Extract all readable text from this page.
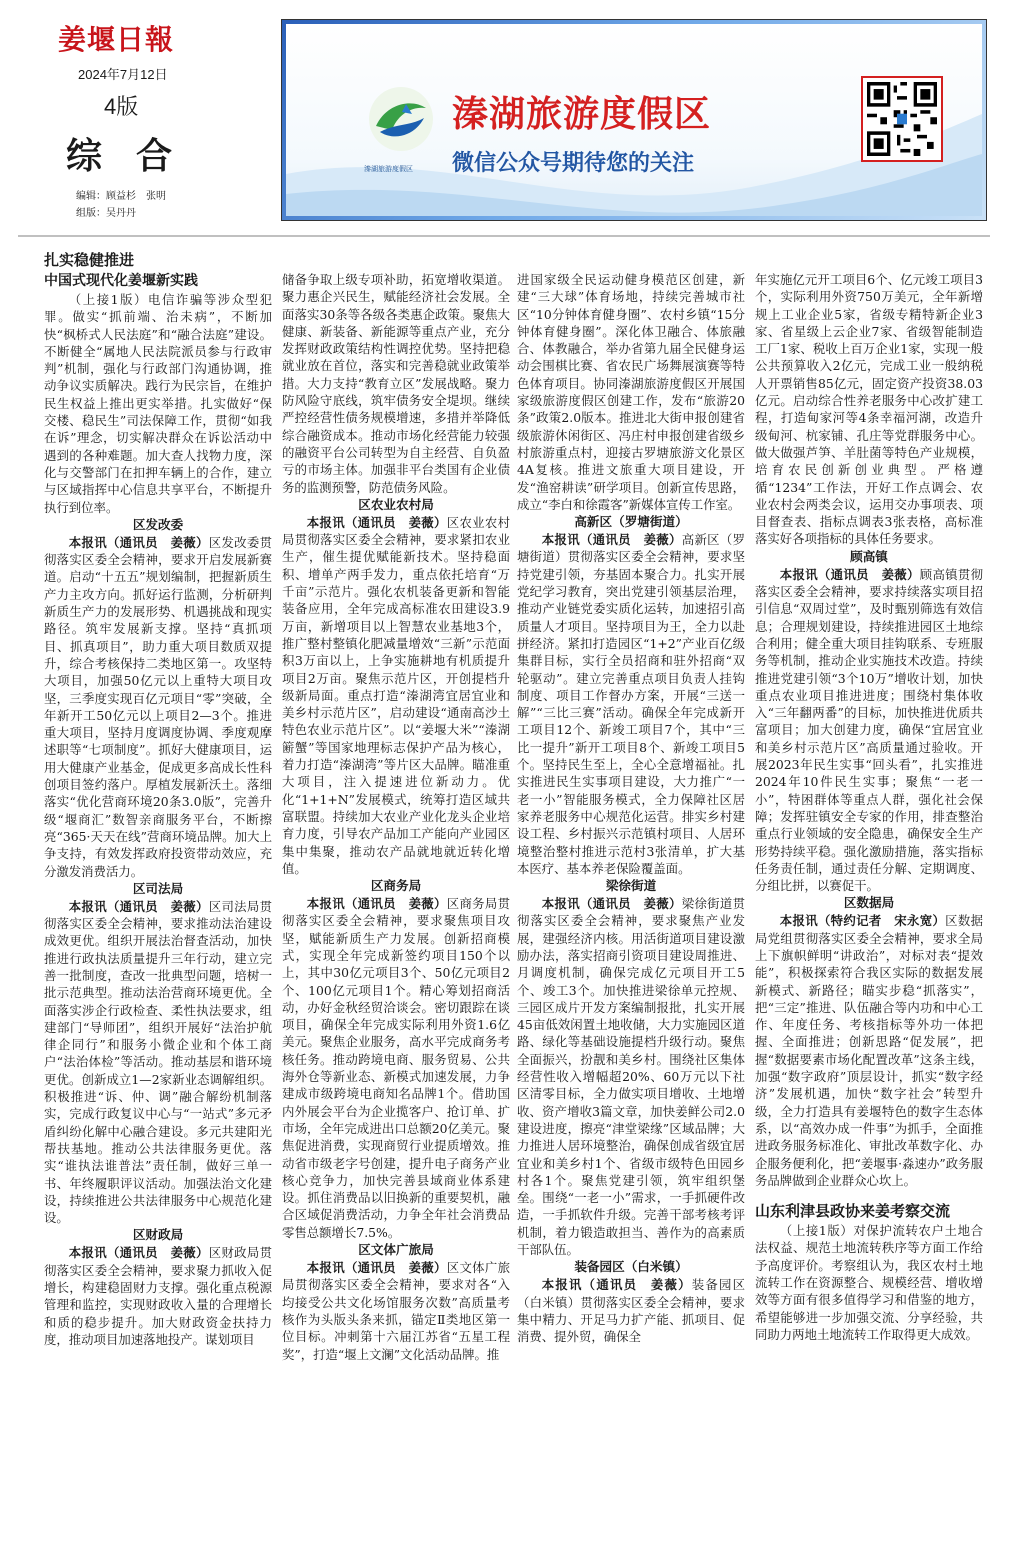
姜堰日報
2024年7月12日
4版
综合
编辑：顾益杉　张明
组版：吴丹丹
溱湖旅游度假区
溱湖旅游度假区
微信公众号期待您的关注

扎实稳健推进

中国式现代化姜堰新实践

（上接1版）电信诈骗等涉众型犯罪。做实“抓前端、治未病”，不断加快“枫桥式人民法庭”和“融合法庭”建设。不断健全“属地人民法院派员参与行政审判”机制，强化与行政部门沟通协调，推动争议实质解决。践行为民宗旨，在维护民生权益上推出更实举措。扎实做好“保交楼、稳民生”司法保障工作，贯彻“如我在诉”理念，切实解决群众在诉讼活动中遇到的各种难题。加大查人找物力度，深化与交警部门在扣押车辆上的合作，建立与区域指挥中心信息共享平台，不断提升执行到位率。

区发改委

本报讯（通讯员　姜薇）区发改委贯彻落实区委全会精神，要求开启发展新赛道。启动“十五五”规划编制，把握新质生产力主攻方向。抓好运行监测，分析研判新质生产力的发展形势、机遇挑战和现实路径。筑牢发展新支撑。坚持“真抓项目、抓真项目”，助力重大项目数质双提升，综合考核保持二类地区第一。攻坚特大项目，加强50亿元以上重特大项目攻坚，三季度实现百亿元项目“零”突破，全年新开工50亿元以上项目2—3个。推进重大项目，坚持月度调度协调、季度观摩述职等“七项制度”。抓好大健康项目，运用大健康产业基金，促成更多高成长性科创项目签约落户。厚植发展新沃土。落细落实“优化营商环境20条3.0版”，完善升级“堰商汇”数智亲商服务平台，不断擦亮“365·天天在线”营商环境品牌。加大上争支持，有效发挥政府投资带动效应，充分激发消费活力。

区司法局

本报讯（通讯员　姜薇）区司法局贯彻落实区委全会精神，要求推动法治建设成效更优。组织开展法治督查活动，加快推进行政执法质量提升三年行动，建立完善一批制度，查改一批典型问题，培树一批示范典型。推动法治营商环境更优。全面落实涉企行政检查、柔性执法要求，组建部门“导师团”，组织开展好“法治护航　律企同行”和服务小微企业和个体工商户“法治体检”等活动。推动基层和谐环境更优。创新成立1—2家新业态调解组织。积极推进“诉、仲、调”融合解纷机制落实，完成行政复议中心与“一站式”多元矛盾纠纷化解中心融合建设。多元共建阳光帮扶基地。推动公共法律服务更优。落实“谁执法谁普法”责任制，做好三单一书、年终履职评议活动。加强法治文化建设，持续推进公共法律服务中心规范化建设。

区财政局

本报讯（通讯员　姜薇）区财政局贯彻落实区委全会精神，要求聚力抓收入促增长，构建稳固财力支撑。强化重点税源管理和监控，实现财政收入量的合理增长和质的稳步提升。加大财政资金扶持力度，推动项目加速落地投产。谋划项目

储备争取上级专项补助，拓宽增收渠道。聚力惠企兴民生，赋能经济社会发展。全面落实30条等各级各类惠企政策。聚焦大健康、新装备、新能源等重点产业，充分发挥财政政策结构性调控优势。坚持把稳就业放在首位，落实和完善稳就业政策举措。大力支持“教育立区”发展战略。聚力防风险守底线，筑牢债务安全堤坝。继续严控经营性债务规模增速，多措并举降低综合融资成本。推动市场化经营能力较强的融资平台公司转型为自主经营、自负盈亏的市场主体。加强非平台类国有企业债务的监测预警，防范债务风险。

区农业农村局

本报讯（通讯员　姜薇）区农业农村局贯彻落实区委全会精神，要求紧扣农业生产，催生提优赋能新技术。坚持稳面积、增单产两手发力，重点依托培育“万千亩”示范片。强化农机装备更新和智能装备应用，全年完成高标准农田建设3.9万亩，新增项目以上智慧农业基地3个，推广整村整镇化肥减量增效“三新”示范面积3万亩以上，上争实施耕地有机质提升项目2万亩。聚焦示范片区，开创提档升级新局面。重点打造“溱湖湾宜居宜业和美乡村示范片区”，启动建设“通南高沙土特色农业示范片区”。以“姜堰大米”“溱湖簖蟹”等国家地理标志保护产品为核心，着力打造“溱湖湾”等片区大品牌。瞄准重大项目，注入提速进位新动力。优化“1+1+N”发展模式，统筹打造区域共富联盟。持续加大农业产业化龙头企业培育力度，引导农产品加工产能向产业园区集中集聚，推动农产品就地就近转化增值。

区商务局

本报讯（通讯员　姜薇）区商务局贯彻落实区委全会精神，要求聚焦项目攻坚，赋能新质生产力发展。创新招商模式，实现全年完成新签约项目150个以上，其中30亿元项目3个、50亿元项目2个、100亿元项目1个。精心筹划招商活动，办好金秋经贸洽谈会。密切跟踪在谈项目，确保全年完成实际利用外资1.6亿美元。聚焦企业服务，高水平完成商务考核任务。推动跨境电商、服务贸易、公共海外仓等新业态、新模式加速发展，力争建成市级跨境电商知名品牌1个。借助国内外展会平台为企业揽客户、抢订单、扩市场，全年完成进出口总额20亿美元。聚焦促进消费，实现商贸行业提质增效。推动省市级老字号创建，提升电子商务产业核心竞争力，加快完善县域商业体系建设。抓住消费品以旧换新的重要契机，融合区域促消费活动，力争全年社会消费品零售总额增长7.5%。

区文体广旅局

本报讯（通讯员　姜薇）区文体广旅局贯彻落实区委全会精神，要求对各“入均接受公共文化场馆服务次数”高质量考核作为头版头条来抓，锚定Ⅱ类地区第一位目标。冲刺第十六届江苏省“五星工程奖”，打造“堰上文澜”文化活动品牌。推

进国家级全民运动健身模范区创建，新建“三大球”体育场地，持续完善城市社区“10分钟体育健身圈”、农村乡镇“15分钟体育健身圈”。深化体卫融合、体旅融合、体教融合，举办省第九届全民健身运动会围棋比赛、省农民广场舞展演赛等特色体育项目。协同溱湖旅游度假区开展国家级旅游度假区创建工作，发布“旅游20条”政策2.0版本。推进北大街申报创建省级旅游休闲街区、冯庄村申报创建省级乡村旅游重点村，迎接古罗塘旅游文化景区4A复核。推进文旅重大项目建设，开发“渔窑耕读”研学项目。创新宣传思路，成立“李白和徐霞客”新媒体宣传工作室。

高新区（罗塘街道）

本报讯（通讯员　姜薇）高新区（罗塘街道）贯彻落实区委全会精神，要求坚持党建引领，夯基固本聚合力。扎实开展党纪学习教育，突出党建引领基层治理，推动产业链党委实质化运转，加速招引高质量人才项目。坚持项目为王，全力以赴拼经济。紧扣打造园区“1+2”产业百亿级集群目标，实行全员招商和驻外招商“双轮驱动”。建立完善重点项目负责人挂钩制度、项目工作督办方案，开展“三送一解”“三比三赛”活动。确保全年完成新开工项目12个、新竣工项目7个，其中“三比一提升”新开工项目8个、新竣工项目5个。坚持民生至上，全心全意增福祉。扎实推进民生实事项目建设，大力推广“一老一小”智能服务模式，全力保障社区居家养老服务中心规范化运营。排实乡村建设工程、乡村振兴示范镇村项目、人居环境整治整村推进示范村3张清单，扩大基本医疗、基本养老保险覆盖面。

梁徐街道

本报讯（通讯员　姜薇）梁徐街道贯彻落实区委全会精神，要求聚焦产业发展，建强经济内核。用活街道项目建设激励办法，落实招商引资项目建设周推进、月调度机制，确保完成亿元项目开工5个、竣工3个。加快推进梁徐单元控规、三园区成片开发方案编制报批，扎实开展45亩低效闲置土地收储，大力实施园区道路、绿化等基础设施提档升级行动。聚焦全面振兴，扮靓和美乡村。围绕社区集体经营性收入增幅超20%、60万元以下社区清零目标，全力做实项目增收、土地增收、资产增收3篇文章，加快姜鲜公司2.0建设进度，擦亮“津堂梁缘”区域品牌；大力推进人居环境整治，确保创成省级宜居宜业和美乡村1个、省级市级特色田园乡村各1个。聚焦党建引领，筑牢组织堡垒。围绕“一老一小”需求，一手抓硬件改造，一手抓软件升级。完善干部考核考评机制，着力锻造敢担当、善作为的高素质干部队伍。

装备园区（白米镇）

本报讯（通讯员　姜薇）装备园区（白米镇）贯彻落实区委全会精神，要求集中精力、开足马力扩产能、抓项目、促消费、提外贸，确保全

年实施亿元开工项目6个、亿元竣工项目3个，实际利用外资750万美元，全年新增规上工业企业5家，省级专精特新企业3家、省星级上云企业7家、省级智能制造工厂1家、税收上百万企业1家，实现一般公共预算收入2亿元，完成工业一般纳税人开票销售85亿元，固定资产投资38.03亿元。启动综合性养老服务中心改扩建工程，打造甸家河等4条幸福河湖，改造升级甸河、杭家铺、孔庄等党群服务中心。做大做强芦笋、羊肚菌等特色产业规模，培育农民创新创业典型。严格遵循“1234”工作法，开好工作点调会、农业农村会两类会议，运用交办事项表、项目督查表、指标点调表3张表格，高标准落实好各项指标的具体任务要求。

顾高镇

本报讯（通讯员　姜薇）顾高镇贯彻落实区委全会精神，要求持续落实项目招引信息“双周过堂”，及时甄别筛选有效信息；合理规划建设，持续推进园区土地综合利用；健全重大项目挂钩联系、专班服务等机制，推动企业实施技术改造。持续推进党建引领“3个10万”增收计划，加快重点农业项目推进进度；围绕村集体收入“三年翻两番”的目标，加快推进优质共富项目；加大创建力度，确保“宜居宜业和美乡村示范片区”高质量通过验收。开展2023年民生实事“回头看”，扎实推进2024年10件民生实事；聚焦“一老一小”，特困群体等重点人群，强化社会保障；发挥驻镇安全专家的作用，排查整治重点行业领域的安全隐患，确保安全生产形势持续平稳。强化激励措施，落实指标任务责任制，通过责任分解、定期调度、分组比拼，以赛促干。

区数据局

本报讯（特约记者　宋永宽）区数据局党组贯彻落实区委全会精神，要求全局上下旗帜鲜明“讲政治”，对标对表“提效能”，积极探索符合我区实际的数据发展新模式、新路径；瞄实步稳“抓落实”，把“三定”推进、队伍融合等内功和中心工作、年度任务、考核指标等外功一体把握、全面推进；创新思路“促发展”，把握“数据要素市场化配置改革”这条主线，加强“数字政府”顶层设计，抓实“数字经济”发展机遇，加快“数字社会”转型升级，全力打造具有姜堰特色的数字生态体系，以“高效办成一件事”为抓手，全面推进政务服务标准化、审批改革数字化、办企服务便利化，把“姜堰事·淼速办”政务服务品牌做到企业群众心坎上。

山东利津县政协来姜考察交流

（上接1版）对保护流转农户土地合法权益、规范土地流转秩序等方面工作给予高度评价。考察组认为，我区农村土地流转工作在资源整合、规模经营、增收增效等方面有很多值得学习和借鉴的地方，希望能够进一步加强交流、分享经验，共同助力两地土地流转工作取得更大成效。
